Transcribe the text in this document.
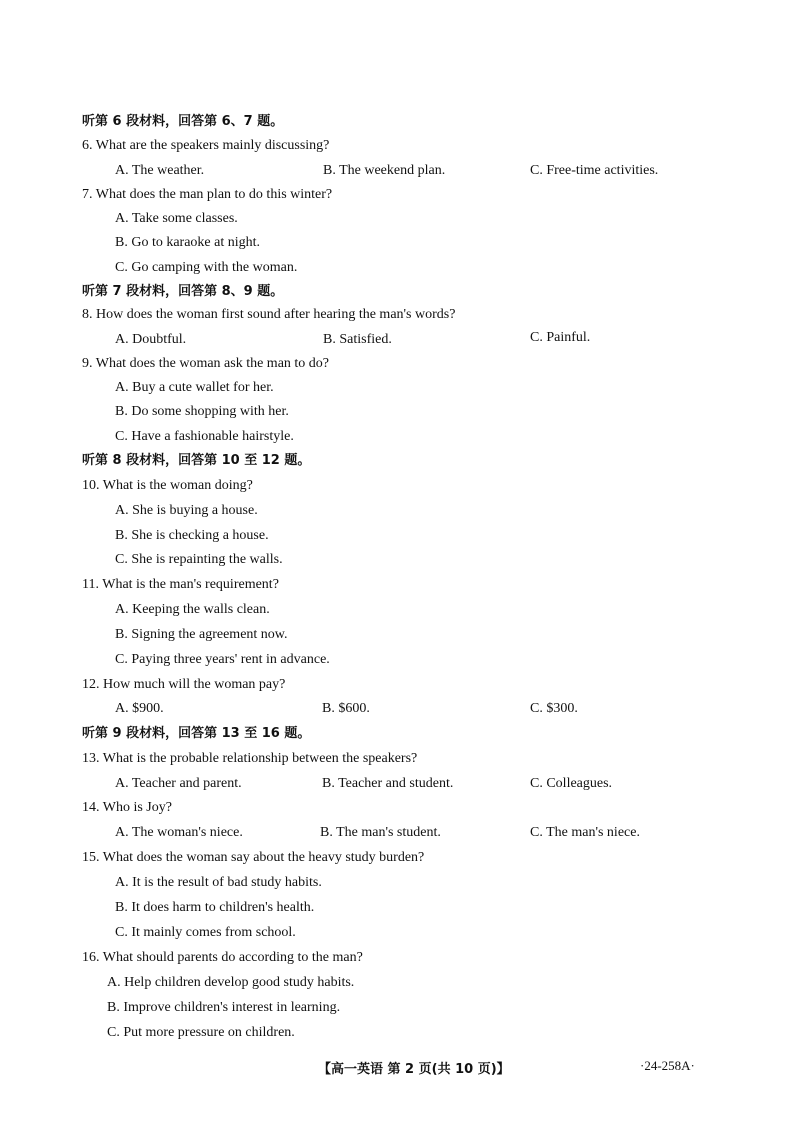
听第 6 段材料，回答第 6、7 题。
6. What are the speakers mainly discussing?
A. The weather.	B. The weekend plan.	C. Free-time activities.
7. What does the man plan to do this winter?
A. Take some classes.
B. Go to karaoke at night.
C. Go camping with the woman.
听第 7 段材料，回答第 8、9 题。
8. How does the woman first sound after hearing the man's words?
A. Doubtful.	B. Satisfied.	C. Painful.
9. What does the woman ask the man to do?
A. Buy a cute wallet for her.
B. Do some shopping with her.
C. Have a fashionable hairstyle.
听第 8 段材料，回答第 10 至 12 题。
10. What is the woman doing?
A. She is buying a house.
B. She is checking a house.
C. She is repainting the walls.
11. What is the man's requirement?
A. Keeping the walls clean.
B. Signing the agreement now.
C. Paying three years' rent in advance.
12. How much will the woman pay?
A. $900.	B. $600.	C. $300.
听第 9 段材料，回答第 13 至 16 题。
13. What is the probable relationship between the speakers?
A. Teacher and parent.	B. Teacher and student.	C. Colleagues.
14. Who is Joy?
A. The woman's niece.	B. The man's student.	C. The man's niece.
15. What does the woman say about the heavy study burden?
A. It is the result of bad study habits.
B. It does harm to children's health.
C. It mainly comes from school.
16. What should parents do according to the man?
A. Help children develop good study habits.
B. Improve children's interest in learning.
C. Put more pressure on children.
【高一英语 第 2 页(共 10 页)】	·24-258A·
